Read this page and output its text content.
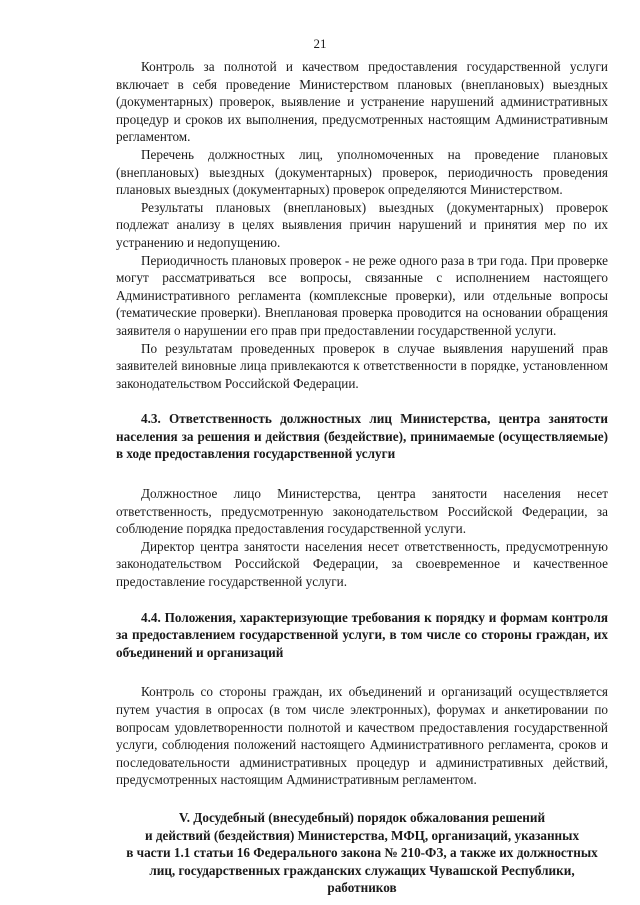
21

Контроль за полнотой и качеством предоставления государственной услуги включает в себя проведение Министерством плановых (внеплановых) выездных (документарных) проверок, выявление и устранение нарушений административных процедур и сроков их выполнения, предусмотренных настоящим Административным регламентом.

Перечень должностных лиц, уполномоченных на проведение плановых (внеплановых) выездных (документарных) проверок, периодичность проведения плановых выездных (документарных) проверок определяются Министерством.

Результаты плановых (внеплановых) выездных (документарных) проверок подлежат анализу в целях выявления причин нарушений и принятия мер по их устранению и недопущению.

Периодичность плановых проверок - не реже одного раза в три года. При проверке могут рассматриваться все вопросы, связанные с исполнением настоящего Административного регламента (комплексные проверки), или отдельные вопросы (тематические проверки). Внеплановая проверка проводится на основании обращения заявителя о нарушении его прав при предоставлении государственной услуги.

По результатам проведенных проверок в случае выявления нарушений прав заявителей виновные лица привлекаются к ответственности в порядке, установленном законодательством Российской Федерации.

4.3. Ответственность должностных лиц Министерства, центра занятости населения за решения и действия (бездействие), принимаемые (осуществляемые) в ходе предоставления государственной услуги

Должностное лицо Министерства, центра занятости населения несет ответственность, предусмотренную законодательством Российской Федерации, за соблюдение порядка предоставления государственной услуги.

Директор центра занятости населения несет ответственность, предусмотренную законодательством Российской Федерации, за своевременное и качественное предоставление государственной услуги.

4.4. Положения, характеризующие требования к порядку и формам контроля за предоставлением государственной услуги, в том числе со стороны граждан, их объединений и организаций

Контроль со стороны граждан, их объединений и организаций осуществляется путем участия в опросах (в том числе электронных), форумах и анкетировании по вопросам удовлетворенности полнотой и качеством предоставления государственной услуги, соблюдения положений настоящего Административного регламента, сроков и последовательности административных процедур и административных действий, предусмотренных настоящим Административным регламентом.

V. Досудебный (внесудебный) порядок обжалования решений

и действий (бездействия) Министерства, МФЦ, организаций, указанных

в части 1.1 статьи 16 Федерального закона № 210-ФЗ, а также их должностных

лиц, государственных гражданских служащих Чувашской Республики,

работников
